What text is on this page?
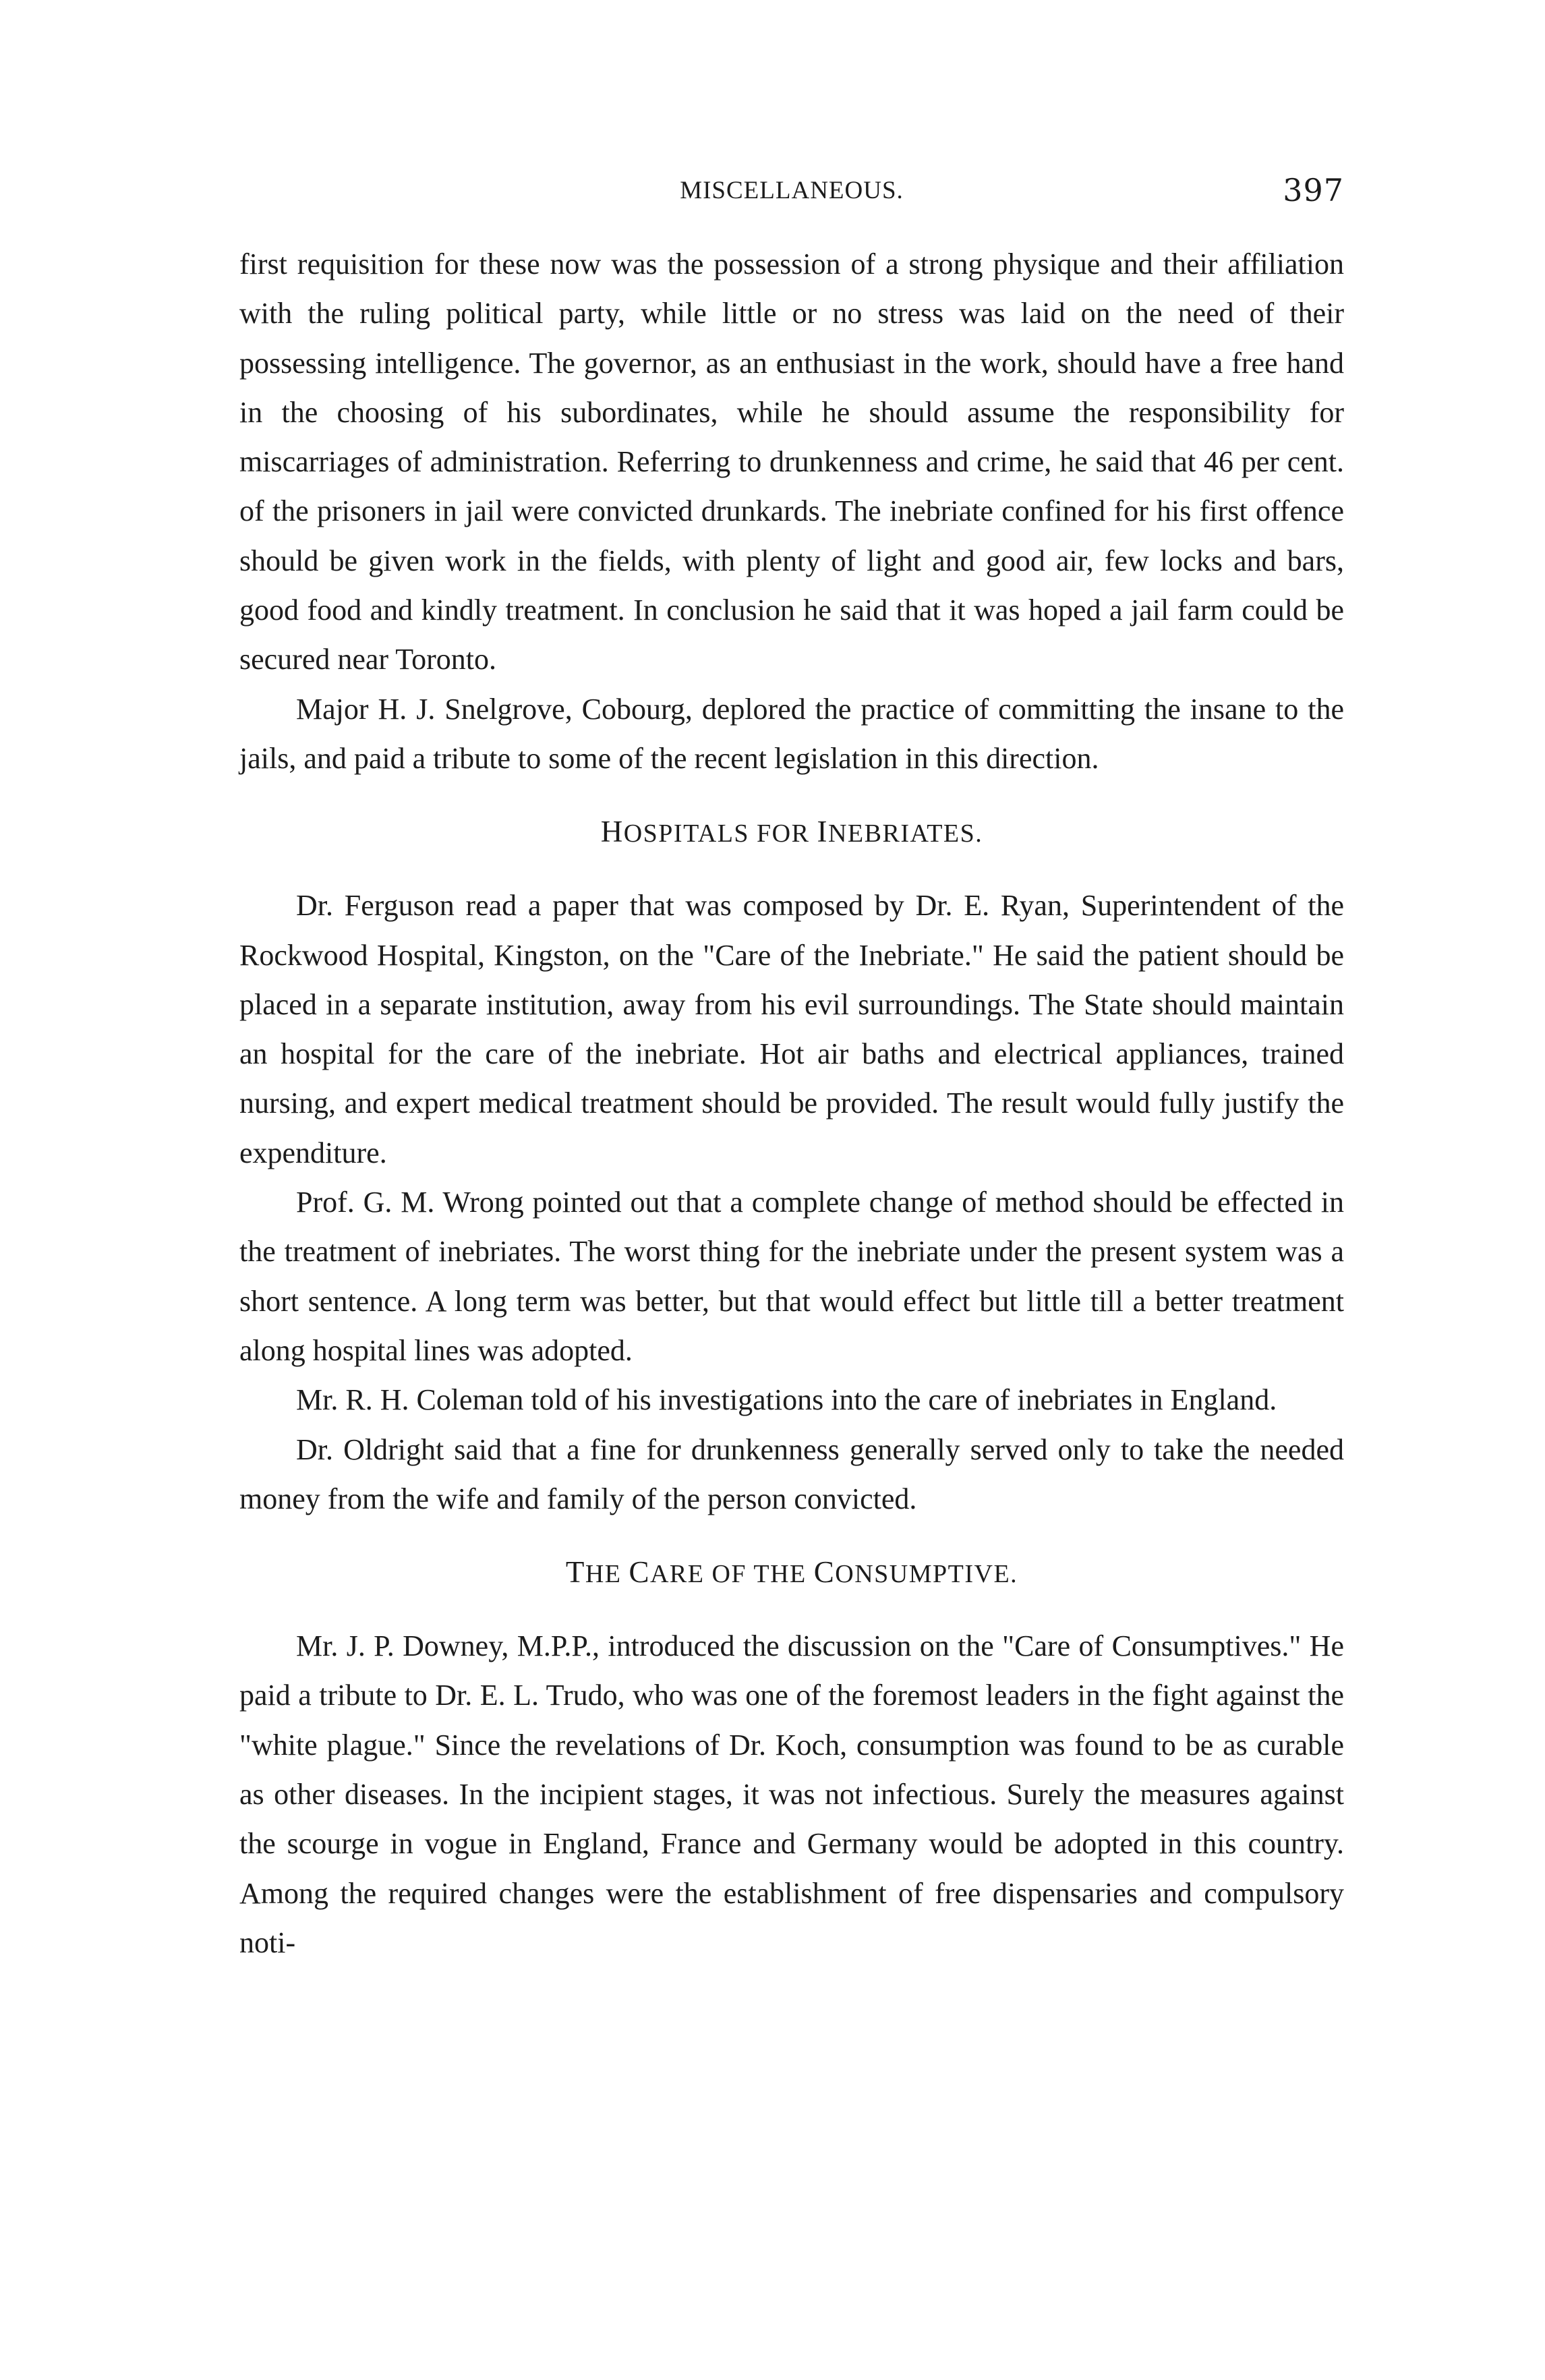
MISCELLANEOUS.	397

first requisition for these now was the possession of a strong physique and their affiliation with the ruling political party, while little or no stress was laid on the need of their possessing intelligence. The governor, as an enthusiast in the work, should have a free hand in the choosing of his subordinates, while he should assume the responsibility for miscarriages of administration. Referring to drunkenness and crime, he said that 46 per cent. of the prisoners in jail were convicted drunkards. The inebriate confined for his first offence should be given work in the fields, with plenty of light and good air, few locks and bars, good food and kindly treatment. In conclusion he said that it was hoped a jail farm could be secured near Toronto.

Major H. J. Snelgrove, Cobourg, deplored the practice of committing the insane to the jails, and paid a tribute to some of the recent legislation in this direction.

HOSPITALS FOR INEBRIATES.

Dr. Ferguson read a paper that was composed by Dr. E. Ryan, Superintendent of the Rockwood Hospital, Kingston, on the "Care of the Inebriate." He said the patient should be placed in a separate institution, away from his evil surroundings. The State should maintain an hospital for the care of the inebriate. Hot air baths and electrical appliances, trained nursing, and expert medical treatment should be provided. The result would fully justify the expenditure.

Prof. G. M. Wrong pointed out that a complete change of method should be effected in the treatment of inebriates. The worst thing for the inebriate under the present system was a short sentence. A long term was better, but that would effect but little till a better treatment along hospital lines was adopted.

Mr. R. H. Coleman told of his investigations into the care of inebriates in England.

Dr. Oldright said that a fine for drunkenness generally served only to take the needed money from the wife and family of the person convicted.

THE CARE OF THE CONSUMPTIVE.

Mr. J. P. Downey, M.P.P., introduced the discussion on the "Care of Consumptives." He paid a tribute to Dr. E. L. Trudo, who was one of the foremost leaders in the fight against the "white plague." Since the revelations of Dr. Koch, consumption was found to be as curable as other diseases. In the incipient stages, it was not infectious. Surely the measures against the scourge in vogue in England, France and Germany would be adopted in this country. Among the required changes were the establishment of free dispensaries and compulsory noti-
